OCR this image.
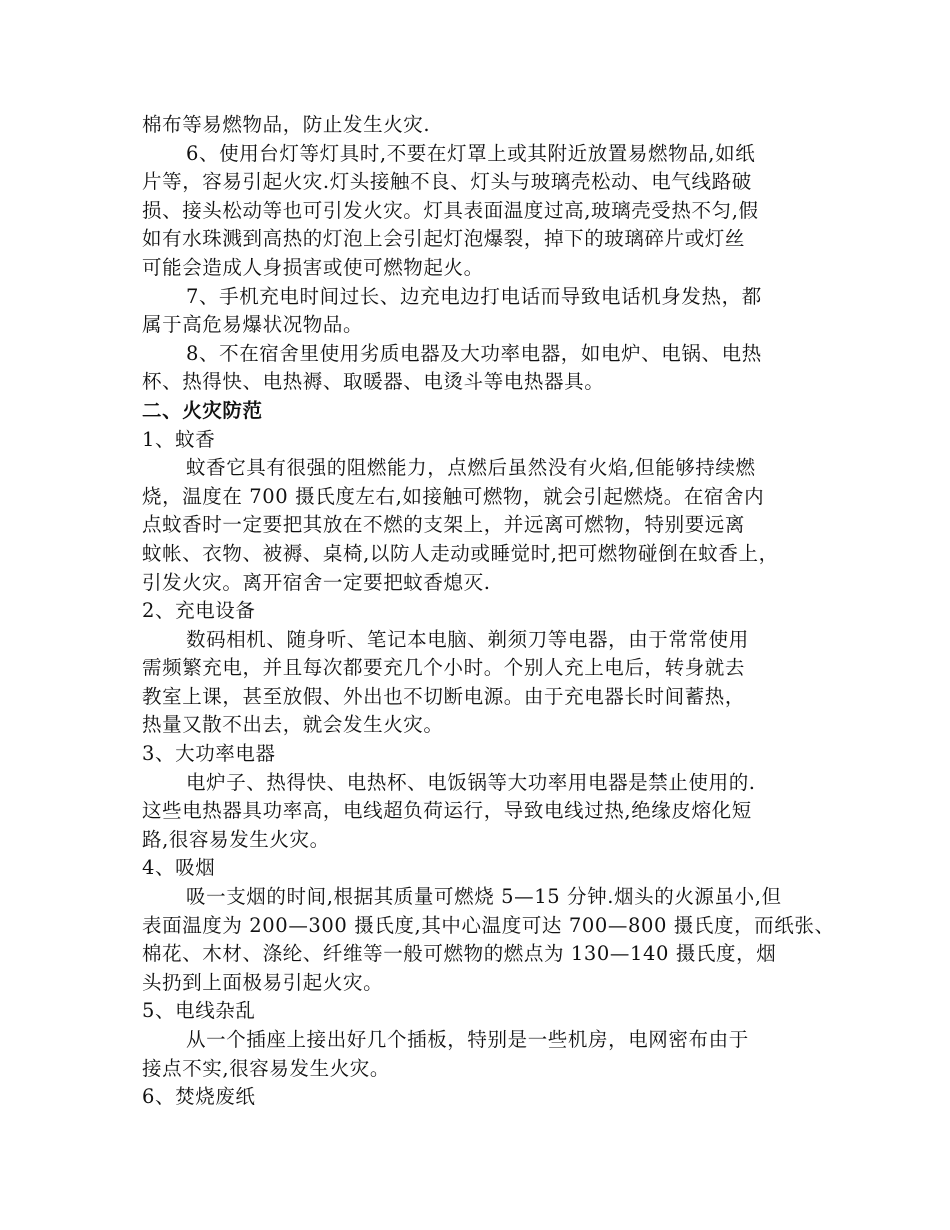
棉布等易燃物品，防止发生火灾.
6、使用台灯等灯具时,不要在灯罩上或其附近放置易燃物品,如纸
片等，容易引起火灾.灯头接触不良、灯头与玻璃壳松动、电气线路破
损、接头松动等也可引发火灾。灯具表面温度过高,玻璃壳受热不匀,假
如有水珠溅到高热的灯泡上会引起灯泡爆裂，掉下的玻璃碎片或灯丝
可能会造成人身损害或使可燃物起火。
7、手机充电时间过长、边充电边打电话而导致电话机身发热，都
属于高危易爆状况物品。
8、不在宿舍里使用劣质电器及大功率电器，如电炉、电锅、电热
杯、热得快、电热褥、取暖器、电烫斗等电热器具。
二、火灾防范
1、蚊香
蚊香它具有很强的阻燃能力，点燃后虽然没有火焰,但能够持续燃
烧，温度在 700 摄氏度左右,如接触可燃物，就会引起燃烧。在宿舍内
点蚊香时一定要把其放在不燃的支架上，并远离可燃物，特别要远离
蚊帐、衣物、被褥、桌椅,以防人走动或睡觉时,把可燃物碰倒在蚊香上，
引发火灾。离开宿舍一定要把蚊香熄灭.
2、充电设备
数码相机、随身听、笔记本电脑、剃须刀等电器，由于常常使用
需频繁充电，并且每次都要充几个小时。个别人充上电后，转身就去
教室上课，甚至放假、外出也不切断电源。由于充电器长时间蓄热，
热量又散不出去，就会发生火灾。
3、大功率电器
电炉子、热得快、电热杯、电饭锅等大功率用电器是禁止使用的.
这些电热器具功率高，电线超负荷运行，导致电线过热,绝缘皮熔化短
路,很容易发生火灾。
4、吸烟
吸一支烟的时间,根据其质量可燃烧 5—15 分钟.烟头的火源虽小,但
表面温度为 200—300 摄氏度,其中心温度可达 700—800 摄氏度，而纸张、
棉花、木材、涤纶、纤维等一般可燃物的燃点为 130—140 摄氏度，烟
头扔到上面极易引起火灾。
5、电线杂乱
从一个插座上接出好几个插板，特别是一些机房，电网密布由于
接点不实,很容易发生火灾。
6、焚烧废纸
